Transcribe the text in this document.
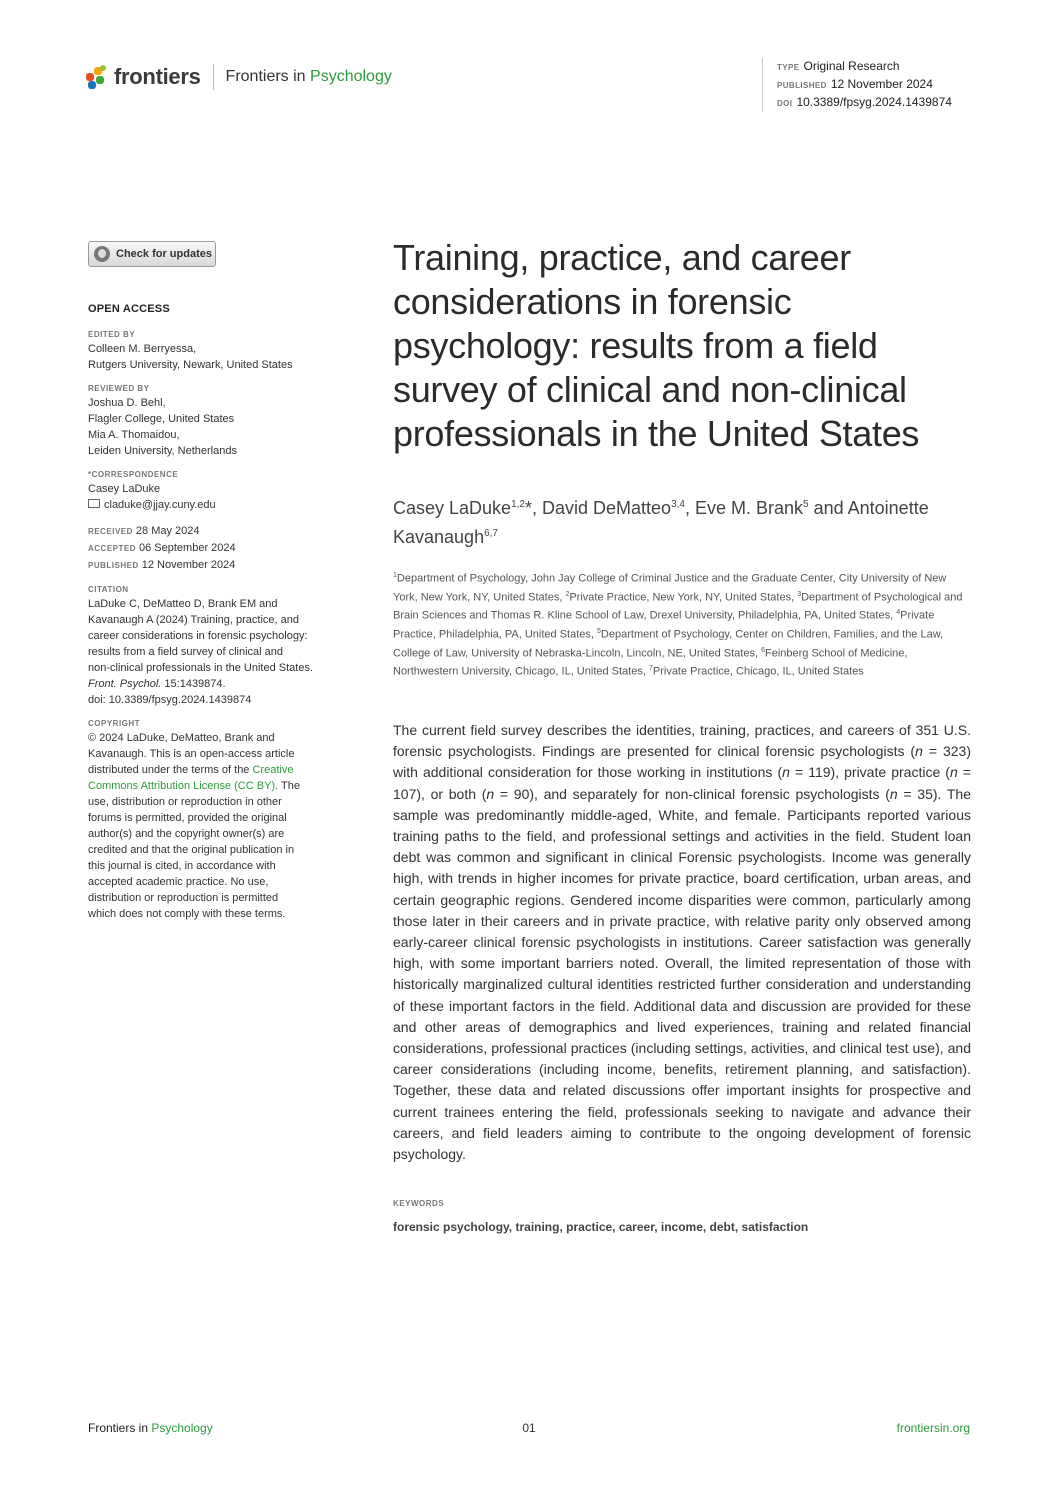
frontiers Frontiers in Psychology
TYPE Original Research
PUBLISHED 12 November 2024
DOI 10.3389/fpsyg.2024.1439874
Check for updates
OPEN ACCESS
EDITED BY
Colleen M. Berryessa,
Rutgers University, Newark, United States
REVIEWED BY
Joshua D. Behl,
Flagler College, United States
Mia A. Thomaidou,
Leiden University, Netherlands
*CORRESPONDENCE
Casey LaDuke
claduke@jjay.cuny.edu
RECEIVED 28 May 2024
ACCEPTED 06 September 2024
PUBLISHED 12 November 2024
CITATION
LaDuke C, DeMatteo D, Brank EM and
Kavanaugh A (2024) Training, practice, and
career considerations in forensic psychology:
results from a field survey of clinical and
non-clinical professionals in the United States.
Front. Psychol. 15:1439874.
doi: 10.3389/fpsyg.2024.1439874
COPYRIGHT
© 2024 LaDuke, DeMatteo, Brank and
Kavanaugh. This is an open-access article
distributed under the terms of the Creative
Commons Attribution License (CC BY). The
use, distribution or reproduction in other
forums is permitted, provided the original
author(s) and the copyright owner(s) are
credited and that the original publication in
this journal is cited, in accordance with
accepted academic practice. No use,
distribution or reproduction is permitted
which does not comply with these terms.
Training, practice, and career considerations in forensic psychology: results from a field survey of clinical and non-clinical professionals in the United States
Casey LaDuke$^{1,2}$*, David DeMatteo$^{3,4}$, Eve M. Brank$^5$ and Antoinette Kavanaugh$^{6,7}$
$^1$Department of Psychology, John Jay College of Criminal Justice and the Graduate Center, City University of New York, New York, NY, United States, $^2$Private Practice, New York, NY, United States, $^3$Department of Psychological and Brain Sciences and Thomas R. Kline School of Law, Drexel University, Philadelphia, PA, United States, $^4$Private Practice, Philadelphia, PA, United States, $^5$Department of Psychology, Center on Children, Families, and the Law, College of Law, University of Nebraska-Lincoln, Lincoln, NE, United States, $^6$Feinberg School of Medicine, Northwestern University, Chicago, IL, United States, $^7$Private Practice, Chicago, IL, United States
The current field survey describes the identities, training, practices, and careers of 351 U.S. forensic psychologists. Findings are presented for clinical forensic psychologists (n = 323) with additional consideration for those working in institutions (n = 119), private practice (n = 107), or both (n = 90), and separately for non-clinical forensic psychologists (n = 35). The sample was predominantly middle-aged, White, and female. Participants reported various training paths to the field, and professional settings and activities in the field. Student loan debt was common and significant in clinical Forensic psychologists. Income was generally high, with trends in higher incomes for private practice, board certification, urban areas, and certain geographic regions. Gendered income disparities were common, particularly among those later in their careers and in private practice, with relative parity only observed among early-career clinical forensic psychologists in institutions. Career satisfaction was generally high, with some important barriers noted. Overall, the limited representation of those with historically marginalized cultural identities restricted further consideration and understanding of these important factors in the field. Additional data and discussion are provided for these and other areas of demographics and lived experiences, training and related financial considerations, professional practices (including settings, activities, and clinical test use), and career considerations (including income, benefits, retirement planning, and satisfaction). Together, these data and related discussions offer important insights for prospective and current trainees entering the field, professionals seeking to navigate and advance their careers, and field leaders aiming to contribute to the ongoing development of forensic psychology.
KEYWORDS
forensic psychology, training, practice, career, income, debt, satisfaction
Frontiers in Psychology	01	frontiersin.org
